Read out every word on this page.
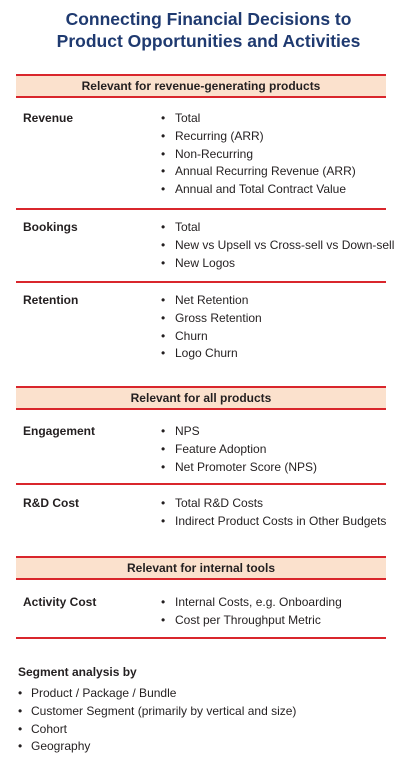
Connecting Financial Decisions to
Product Opportunities and Activities
Relevant for revenue-generating products
Revenue	• Total
• Recurring (ARR)
• Non-Recurring
• Annual Recurring Revenue (ARR)
• Annual and Total Contract Value
Bookings	• Total
• New vs Upsell vs Cross-sell vs Down-sell
• New Logos
Retention	• Net Retention
• Gross Retention
• Churn
• Logo Churn
Relevant for all products
Engagement	• NPS
• Feature Adoption
• Net Promoter Score (NPS)
R&D Cost	• Total R&D Costs
• Indirect Product Costs in Other Budgets
Relevant for internal tools
Activity Cost	• Internal Costs, e.g. Onboarding
• Cost per Throughput Metric
Segment analysis by
• Product / Package / Bundle
• Customer Segment (primarily by vertical and size)
• Cohort
• Geography
